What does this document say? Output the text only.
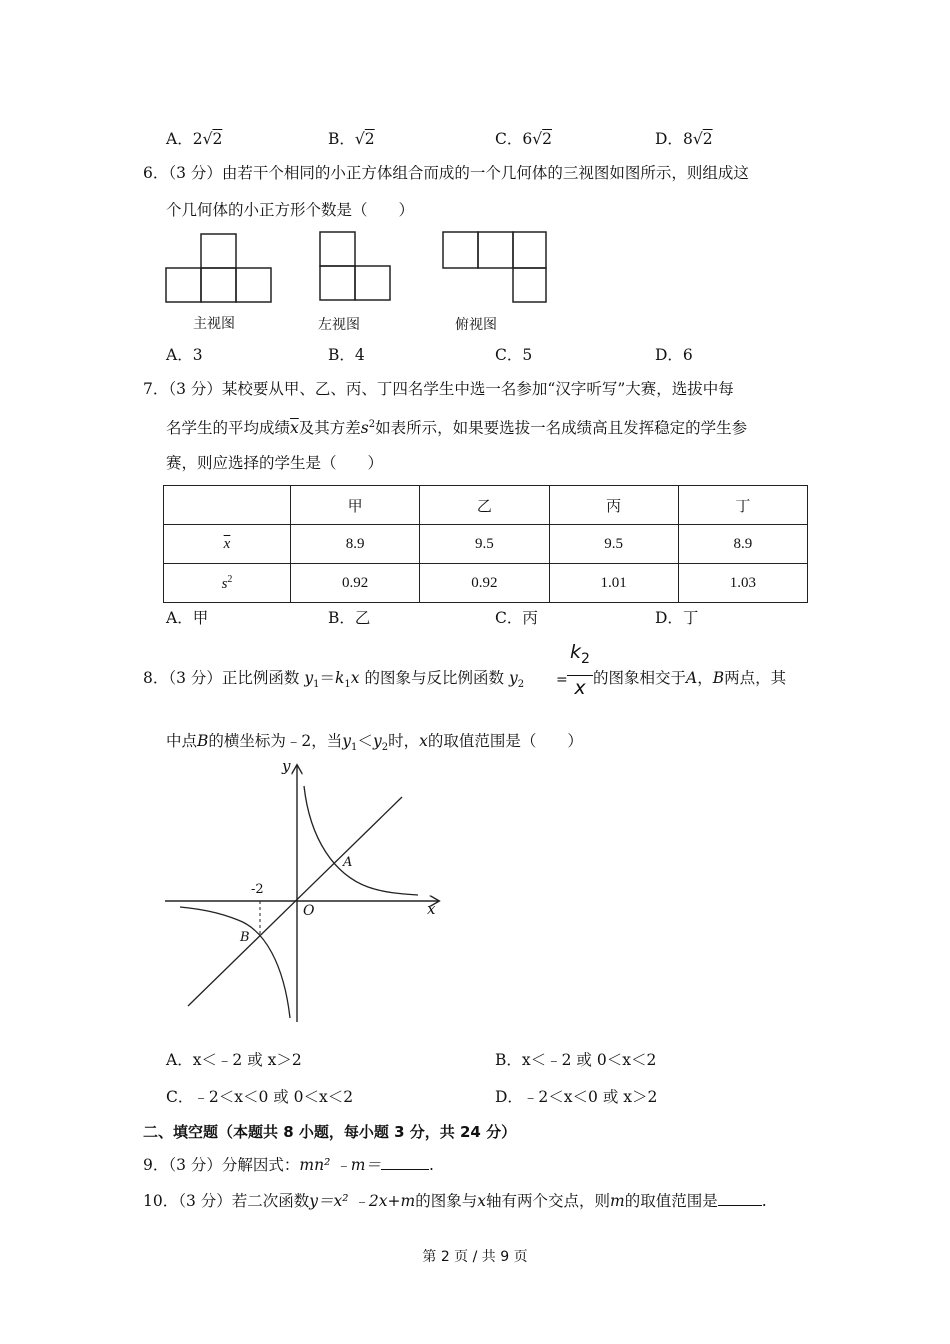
A．2√2	B．√2	C．6√2	D．8√2
6．（3 分）由若干个相同的小正方体组合而成的一个几何体的三视图如图所示，则组成这
个几何体的小正方形个数是（　　）
主视图	左视图	俯视图
A．3	B．4	C．5	D．6
7．（3 分）某校要从甲、乙、丙、丁四名学生中选一名参加“汉字听写”大赛，选拔中每
名学生的平均成绩$\overline{x}$及其方差$s^2$如表所示，如果要选拔一名成绩高且发挥稳定的学生参
赛，则应选择的学生是（　　）
	甲	乙	丙	丁
$\overline{x}$	8.9	9.5	9.5	8.9
$s^2$	0.92	0.92	1.01	1.03
A．甲	B．乙	C．丙	D．丁
8．（3 分）正比例函数 $y_1=k_1x$ 的图象与反比例函数 $y_2$ =
$k_2$
x 的图象相交于A，B两点，其
中点B的横坐标为﹣2，当$y_1<y_2$时，x的取值范围是（　　）
y
x
O
A
B
-2
A．x＜﹣2 或 x＞2	B．x＜﹣2 或 0＜x＜2
C．﹣2＜x＜0 或 0＜x＜2	D．﹣2＜x＜0 或 x＞2
二、填空题（本题共 8 小题，每小题 3 分，共 24 分）
9．（3 分）分解因式：mn² ﹣m＝	.
10．（3 分）若二次函数y＝x² ﹣2x+m的图象与x轴有两个交点，则m的取值范围是	.
第 2 页 / 共 9 页
